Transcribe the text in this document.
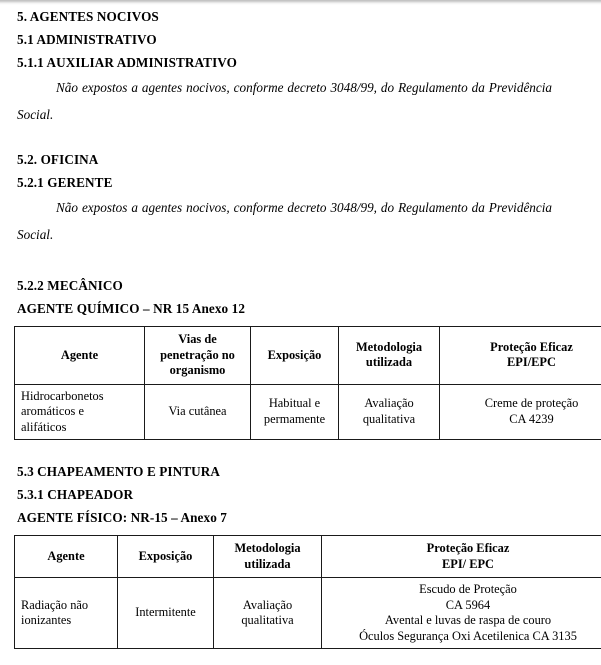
5. AGENTES NOCIVOS
5.1 ADMINISTRATIVO
5.1.1 AUXILIAR ADMINISTRATIVO

Não expostos a agentes nocivos, conforme decreto 3048/99, do Regulamento da Previdência Social.

5.2. OFICINA
5.2.1 GERENTE

Não expostos a agentes nocivos, conforme decreto 3048/99, do Regulamento da Previdência Social.

5.2.2 MECÂNICO
AGENTE QUÍMICO – NR 15 Anexo 12
Agente	Vias de
penetração no
organismo	Exposição	Metodologia
utilizada	Proteção Eficaz
EPI/EPC

Hidrocarbonetos
aromáticos e
alifáticos	Via cutânea	Habitual e
permamente	Avaliação
qualitativa	Creme de proteção
CA 4239
5.3 CHAPEAMENTO E PINTURA
5.3.1 CHAPEADOR
AGENTE FÍSICO: NR-15 – Anexo 7
Agente	Exposição	Metodologia
utilizada	Proteção Eficaz
EPI/ EPC

Radiação não
ionizantes	Intermitente	Avaliação
qualitativa	Escudo de Proteção
CA 5964
Avental e luvas de raspa de couro
Óculos Segurança Oxi Acetilenica CA 3135
